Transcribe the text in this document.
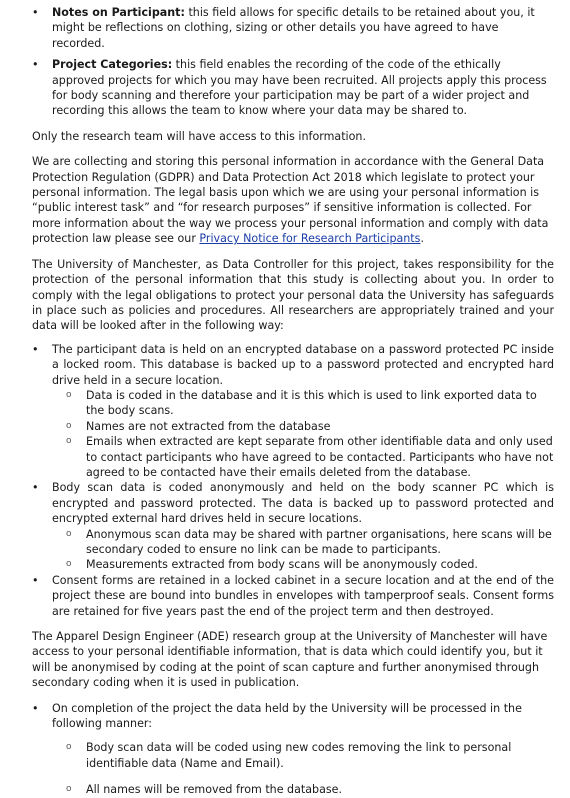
•	Notes on Participant: this field allows for specific details to be retained about you, it might be reflections on clothing, sizing or other details you have agreed to have recorded.

•	Project Categories: this field enables the recording of the code of the ethically approved projects for which you may have been recruited. All projects apply this process for body scanning and therefore your participation may be part of a wider project and recording this allows the team to know where your data may be shared to.

Only the research team will have access to this information.

We are collecting and storing this personal information in accordance with the General Data Protection Regulation (GDPR) and Data Protection Act 2018 which legislate to protect your personal information. The legal basis upon which we are using your personal information is “public interest task” and “for research purposes” if sensitive information is collected. For more information about the way we process your personal information and comply with data protection law please see our Privacy Notice for Research Participants.

The University of Manchester, as Data Controller for this project, takes responsibility for the protection of the personal information that this study is collecting about you. In order to comply with the legal obligations to protect your personal data the University has safeguards in place such as policies and procedures. All researchers are appropriately trained and your data will be looked after in the following way:

•	The participant data is held on an encrypted database on a password protected PC inside a locked room. This database is backed up to a password protected and encrypted hard drive held in a secure location.

o Data is coded in the database and it is this which is used to link exported data to the body scans.

o Names are not extracted from the database

o Emails when extracted are kept separate from other identifiable data and only used to contact participants who have agreed to be contacted. Participants who have not agreed to be contacted have their emails deleted from the database.

•	Body scan data is coded anonymously and held on the body scanner PC which is encrypted and password protected. The data is backed up to password protected and encrypted external hard drives held in secure locations.

o Anonymous scan data may be shared with partner organisations, here scans will be secondary coded to ensure no link can be made to participants.

o Measurements extracted from body scans will be anonymously coded.

•	Consent forms are retained in a locked cabinet in a secure location and at the end of the project these are bound into bundles in envelopes with tamperproof seals. Consent forms are retained for five years past the end of the project term and then destroyed.

The Apparel Design Engineer (ADE) research group at the University of Manchester will have access to your personal identifiable information, that is data which could identify you, but it will be anonymised by coding at the point of scan capture and further anonymised through secondary coding when it is used in publication.

•	On completion of the project the data held by the University will be processed in the following manner:

o Body scan data will be coded using new codes removing the link to personal identifiable data (Name and Email).

o All names will be removed from the database.
